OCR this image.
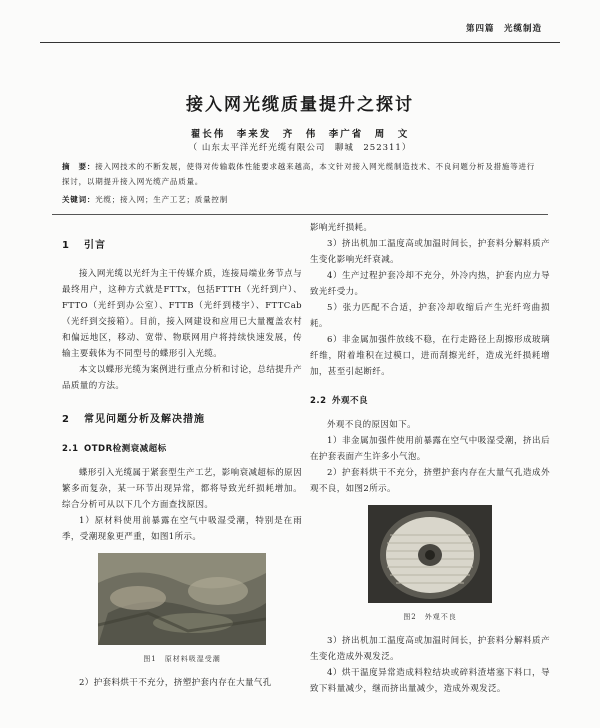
第四篇　光缆制造
接入网光缆质量提升之探讨
翟长伟　李来发　齐　伟　李广省　周　文
（ 山东太平洋光纤光缆有限公司　聊城　252311）
摘　要：接入网技术的不断发展，使得对传输载体性能要求越来越高，本文针对接入网光缆制造技术、不良问题分析及措施等进行探讨，以期提升接入网光缆产品质量。
关键词：光缆；接入网；生产工艺；质量控制
1 引言

接入网光缆以光纤为主干传媒介质，连接局端业务节点与最终用户，这种方式就是FTTx，包括FTTH（光纤到户）、FTTO（光纤到办公室）、FTTB（光纤到楼宇）、FTTCab（光纤到交接箱）。目前，接入网建设和应用已大量覆盖农村和偏远地区，移动、宽带、物联网用户将持续快速发展，传输主要载体为不同型号的蝶形引入光缆。

本文以蝶形光缆为案例进行重点分析和讨论，总结提升产品质量的方法。

2 常见问题分析及解决措施
2.1 OTDR检测衰减超标

蝶形引入光缆属于紧套型生产工艺，影响衰减超标的原因繁多而复杂，某一环节出现异常，都将导致光纤损耗增加。综合分析可从以下几个方面查找原因。

1）原材料使用前暴露在空气中吸湿受潮，特别是在雨季，受潮现象更严重，如图1所示。

图1　原材料吸湿受潮

2）护套料烘干不充分，挤塑护套内存在大量气孔

影响光纤损耗。

3）挤出机加工温度高或加温时间长，护套料分解料质产生变化影响光纤衰减。

4）生产过程护套冷却不充分，外冷内热，护套内应力导致光纤受力。

5）张力匹配不合适，护套冷却收缩后产生光纤弯曲损耗。

6）非金属加强件放线不稳，在行走路径上刮擦形成玻璃纤维，附着堆积在过模口，进而刮擦光纤，造成光纤损耗增加，甚至引起断纤。

2.2 外观不良

外观不良的原因如下。

1）非金属加强件使用前暴露在空气中吸湿受潮，挤出后在护套表面产生许多小气泡。

2）护套料烘干不充分，挤塑护套内存在大量气孔造成外观不良，如图2所示。

图2　外观不良

3）挤出机加工温度高或加温时间长，护套料分解料质产生变化造成外观发泛。

4）烘干温度异常造成料粒结块或碎料渣堵塞下料口，导致下料量减少，继而挤出量减少，造成外观发泛。
